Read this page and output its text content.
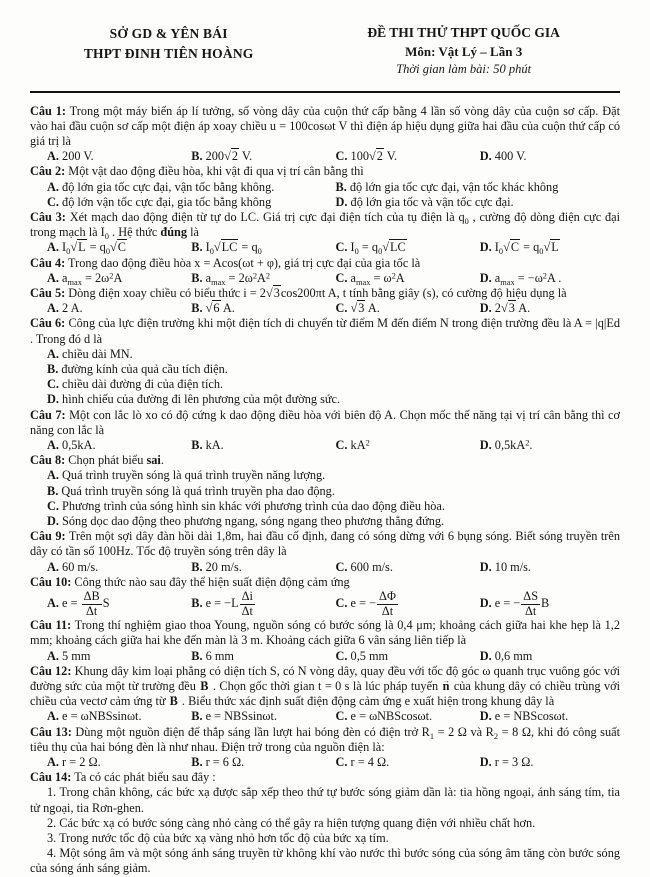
SỞ GD & YÊN BÁI
THPT ĐINH TIÊN HOÀNG
ĐỀ THI THỬ THPT QUỐC GIA
Môn: Vật Lý – Lần 3
Thời gian làm bài: 50 phút

Câu 1: Trong một máy biến áp lí tưởng, số vòng dây của cuộn thứ cấp bằng 4 lần số vòng dây của cuộn sơ cấp. Đặt vào hai đầu cuộn sơ cấp một điện áp xoay chiều u = 100cosωt V thì điện áp hiệu dụng giữa hai đầu của cuộn thứ cấp có giá trị là

A. 200 V.	B. 200√2 V.	C. 100√2 V.	D. 400 V.

Câu 2: Một vật dao động điều hòa, khi vật đi qua vị trí cân bằng thì

A. độ lớn gia tốc cực đại, vận tốc bằng không.	B. độ lớn gia tốc cực đại, vận tốc khác không
C. độ lớn vận tốc cực đại, gia tốc bằng không	D. độ lớn gia tốc và vận tốc cực đại.

Câu 3: Xét mạch dao động điện từ tự do LC. Giá trị cực đại điện tích của tụ điện là $q_0$ , cường độ dòng điện cực đại trong mạch là $I_0$ . Hệ thức đúng là

A. $I_0√L = q_0√C$	B. $I_0√LC = q_0$	C. $I_0 = q_0√LC$	D. $I_0√C = q_0√L$

Câu 4: Trong dao động điều hòa x = Acos(ωt + φ), giá trị cực đại của gia tốc là

A. $a_{max} = 2\omega^2A$	B. $a_{max} = 2\omega^2A^2$	C. $a_{max} = \omega^2A$	D. $a_{max} = -\omega^2A$ .

Câu 5: Dòng điện xoay chiều có biểu thức i = 2√3cos200πt A, t tính bằng giây (s), có cường độ hiệu dụng là

A. 2 A.	B. √6 A.	C. √3 A.	D. 2√3 A.

Câu 6: Công của lực điện trường khi một điện tích di chuyển từ điểm M đến điểm N trong điện trường đều là A = |q|Ed . Trong đó d là

A. chiều dài MN.
B. đường kính của quả cầu tích điện.
C. chiều dài đường đi của điện tích.
D. hình chiếu của đường đi lên phương của một đường sức.

Câu 7: Một con lắc lò xo có độ cứng k dao động điều hòa với biên độ A. Chọn mốc thế năng tại vị trí cân bằng thì cơ năng con lắc là

A. 0,5kA.	B. kA.	C. $kA^2$	D. $0,5kA^2$.

Câu 8: Chọn phát biểu sai.

A. Quá trình truyền sóng là quá trình truyền năng lượng.
B. Quá trình truyền sóng là quá trình truyền pha dao động.
C. Phương trình của sóng hình sin khác với phương trình của dao động điều hòa.
D. Sóng dọc dao động theo phương ngang, sóng ngang theo phương thẳng đứng.

Câu 9: Trên một sợi dây đàn hồi dài 1,8m, hai đầu cố định, đang có sóng dừng với 6 bụng sóng. Biết sóng truyền trên dây có tần số 100Hz. Tốc độ truyền sóng trên dây là

A. 60 m/s.	B. 20 m/s.	C. 600 m/s.	D. 10 m/s.

Câu 10: Công thức nào sau đây thể hiện suất điện động cảm ứng

A. $e = \frac{\Delta B}{\Delta t}$ S	B. $e = -L \frac{\Delta i}{\Delta t}$	C. e = − $\frac{\Delta\Phi}{\Delta t}$	D. e = − $\frac{\Delta S}{\Delta t}$ B

Câu 11: Trong thí nghiệm giao thoa Young, nguồn sóng có bước sóng là 0,4 μm; khoảng cách giữa hai khe hẹp là 1,2 mm; khoảng cách giữa hai khe đến màn là 3 m. Khoảng cách giữa 6 vân sáng liên tiếp là

A. 5 mm	B. 6 mm	C. 0,5 mm	D. 0,6 mm

Câu 12: Khung dây kim loại phẳng có diện tích S, có N vòng dây, quay đều với tốc độ góc ω quanh trục vuông góc với đường sức của một từ trường đều B → . Chọn gốc thời gian t = 0 s là lúc pháp tuyến n → của khung dây có chiều trùng với chiều của vectơ cảm ứng từ B → . Biểu thức xác định suất điện động cảm ứng e xuất hiện trong khung dây là

A. e = ωNBSsinωt.	B. e = NBSsinωt.	C. e = ωNBScosωt.	D. e = NBScosωt.

Câu 13: Dùng một nguồn điện để thắp sáng lần lượt hai bóng đèn có điện trở $R_1 = 2$ Ω và $R_2 = 8$ Ω, khi đó công suất tiêu thụ của hai bóng đèn là như nhau. Điện trở trong của nguồn điện là:

A. r = 2 Ω.	B. r = 6 Ω.	C. r = 4 Ω.	D. r = 3 Ω.

Câu 14: Ta có các phát biểu sau đây :

1. Trong chân không, các bức xạ được sắp xếp theo thứ tự bước sóng giảm dần là: tia hồng ngoại, ánh sáng tím, tia tử ngoại, tia Rơn-ghen.

2. Các bức xạ có bước sóng càng nhỏ càng có thể gây ra hiện tượng quang điện với nhiều chất hơn.

3. Trong nước tốc độ của bức xạ vàng nhỏ hơn tốc độ của bức xạ tím.

4. Một sóng âm và một sóng ánh sáng truyền từ không khí vào nước thì bước sóng của sóng âm tăng còn bước sóng của sóng ánh sáng giảm.
